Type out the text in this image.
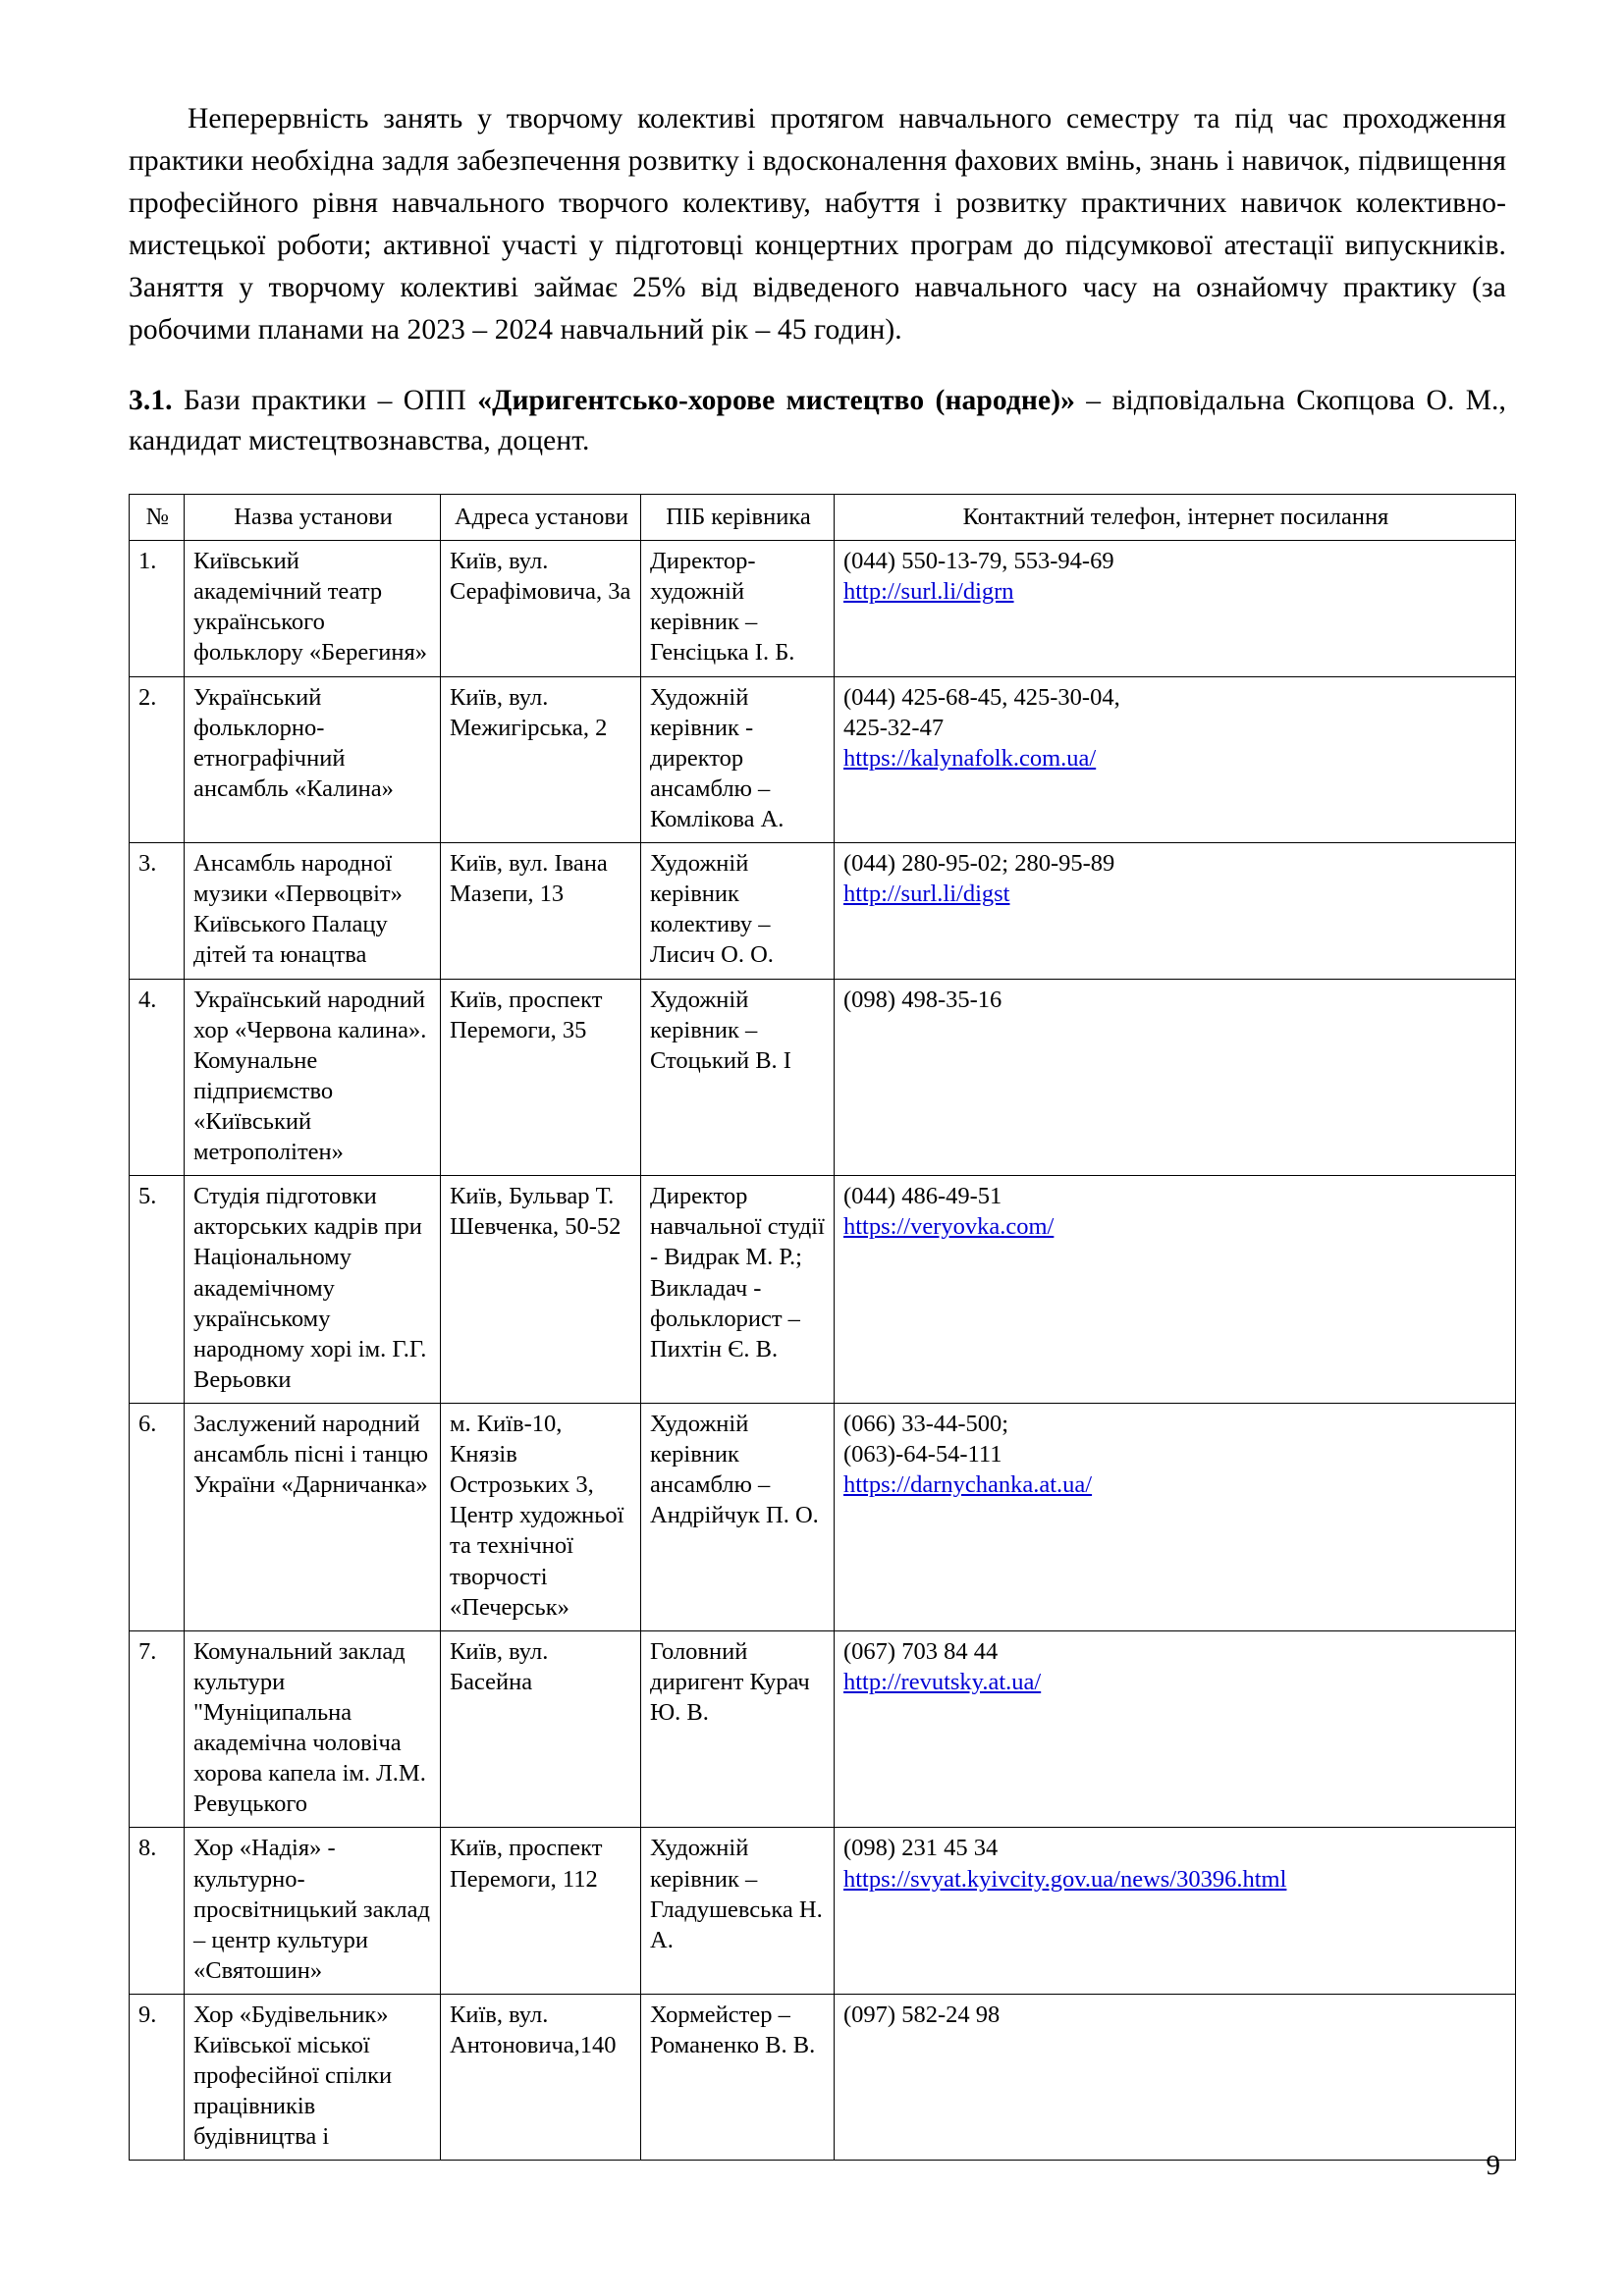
Неперервність занять у творчому колективі протягом навчального семестру та під час проходження практики необхідна задля забезпечення розвитку і вдосконалення фахових вмінь, знань і навичок, підвищення професійного рівня навчального творчого колективу, набуття і розвитку практичних навичок колективно-мистецької роботи; активної участі у підготовці концертних програм до підсумкової атестації випускників. Заняття у творчому колективі займає 25% від відведеного навчального часу на ознайомчу практику (за робочими планами на 2023 – 2024 навчальний рік – 45 годин).

3.1. Бази практики – ОПП «Диригентсько-хорове мистецтво (народне)» – відповідальна Скопцова О. М., кандидат мистецтвознавства, доцент.

№	Назва установи	Адреса установи	ПІБ керівника	Контактний телефон, інтернет посилання
1.	Київський академічний театр українського фольклору «Берегиня»	Київ, вул. Серафімовича, 3а	Директор-художній керівник – Генсіцька І. Б.	(044) 550-13-79, 553-94-69
http://surl.li/digrn

2.	Український фольклорно-етнографічний ансамбль «Калина»	Київ, вул. Межигірська, 2	Художній керівник - директор ансамблю – Комлікова А.	(044) 425-68-45, 425-30-04,
425-32-47
https://kalynafolk.com.ua/

3.	Ансамбль народної музики «Первоцвіт» Київського Палацу дітей та юнацтва	Київ, вул. Івана Мазепи, 13	Художній керівник колективу – Лисич О. О.	(044) 280-95-02; 280-95-89
http://surl.li/digst

4.	Український народний хор «Червона калина». Комунальне підприємство «Київський метрополітен»	Київ, проспект Перемоги, 35	Художній керівник – Стоцький В. І	(098) 498-35-16

5.	Студія підготовки акторських кадрів при Національному академічному українському народному хорі ім. Г.Г. Верьовки	Київ, Бульвар Т. Шевченка, 50-52	Директор навчальної студії - Видрак М. Р.; Викладач - фольклорист – Пихтін Є. В.	(044) 486-49-51
https://veryovka.com/

6.	Заслужений народний ансамбль пісні і танцю України «Дарничанка»	м. Київ-10, Князів Острозьких 3, Центр художньої та технічної творчості «Печерськ»	Художній керівник ансамблю – Андрійчук П. О.	(066) 33-44-500;
(063)-64-54-111
https://darnychanka.at.ua/

7.	Комунальний заклад культури "Муніципальна академічна чоловіча хорова капела ім. Л.М. Ревуцького	Київ, вул. Басейна	Головний диригент Курач Ю. В.	(067) 703 84 44
http://revutsky.at.ua/

8.	Хор «Надія» - культурно-просвітницький заклад – центр культури «Святошин»	Київ, проспект Перемоги, 112	Художній керівник – Гладушевська Н. А.	(098) 231 45 34
https://svyat.kyivcity.gov.ua/news/30396.html

9.	Хор «Будівельник» Київської міської професійної спілки працівників будівництва і	Київ, вул. Антоновича,140	Хормейстер – Романенко В. В.	(097) 582-24 98
9
